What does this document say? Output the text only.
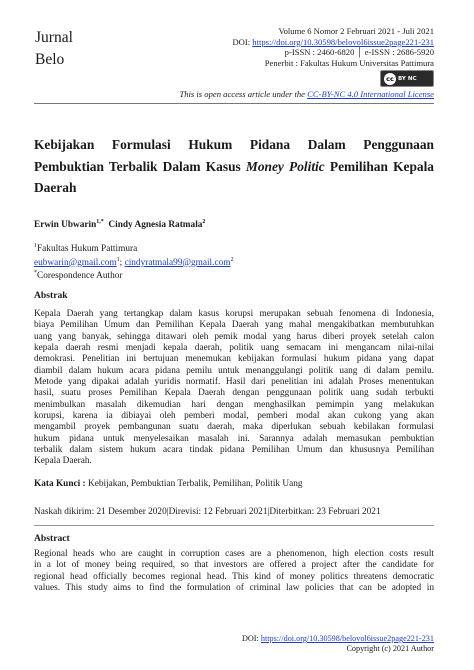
Jurnal
Belo
Volume 6 Nomor 2 Februari 2021 - Juli 2021
DOI: https://doi.org/10.30598/belovol6issue2page221-231
p-ISSN : 2460-6820 │ e-ISSN : 2686-5920
Penerbit : Fakultas Hukum Universitas Pattimura
cc BY NC
This is open access article under the CC-BY-NC 4.0 International License
Kebijakan Formulasi Hukum Pidana Dalam Penggunaan
Pembuktian Terbalik Dalam Kasus Money Politic Pemilihan Kepala
Daerah
Erwin Ubwarin$^{1,*}$ Cindy Agnesia Ratmala$^2$
$^1$Fakultas Hukum Pattimura
eubwarin@gmail.com$^1$; cindyratmala99@gmail.com$^2$
*Corespondence Author
Abstrak
Kepala Daerah yang tertangkap dalam kasus korupsi merupakan sebuah fenomena di Indonesia,
biaya Pemilihan Umum dan Pemilihan Kepala Daerah yang mahal mengakibatkan membutuhkan
uang yang banyak, sehingga ditawari oleh pemik modal yang harus diberi proyek setelah calon
kepala daerah resmi menjadi kepala daerah, politik uang semacam ini mengancam nilai-nilai
demokrasi. Penelitian ini bertujuan menemukan kebijakan formulasi hukum pidana yang dapat
diambil dalam hukum acara pidana pemilu untuk menanggulangi politik uang di dalam pemilu.
Metode yang dipakai adalah yuridis normatif. Hasil dari penelitian ini adalah Proses menentukan
hasil, suatu proses Pemilihan Kepala Daerah dengan penggunaan politik uang sudah terbukti
menimbulkan masalah dikemudian hari dengan menghasilkan pemimpin yang melakukan
korupsi, karena ia dibiayai oleh pemberi modal, pemberi modal akan cukong yang akan
mengambil proyek pembangunan suatu daerah, maka diperlukan sebuah kebilakan formulasi
hukum pidana untuk menyelesaikan masalah ini. Sarannya adalah memasukan pembuktian
terbalik dalam sistem hukum acara tindak pidana Pemilihan Umum dan khususnya Pemilihan
Kepala Daerah.
Kata Kunci : Kebijakan, Pembuktian Terbalik, Pemilihan, Politik Uang
Naskah dikirim: 21 Desember 2020|Direvisi: 12 Februari 2021|Diterbitkan: 23 Februari 2021
Abstract
Regional heads who are caught in corruption cases are a phenomenon, high election costs result
in a lot of money being required, so that investors are offered a project after the candidate for
regional head officially becomes regional head. This kind of money politics threatens democratic
values. This study aims to find the formulation of criminal law policies that can be adopted in
DOI: https://doi.org/10.30598/belovol6issue2page221-231
Copyright (c) 2021 Author
